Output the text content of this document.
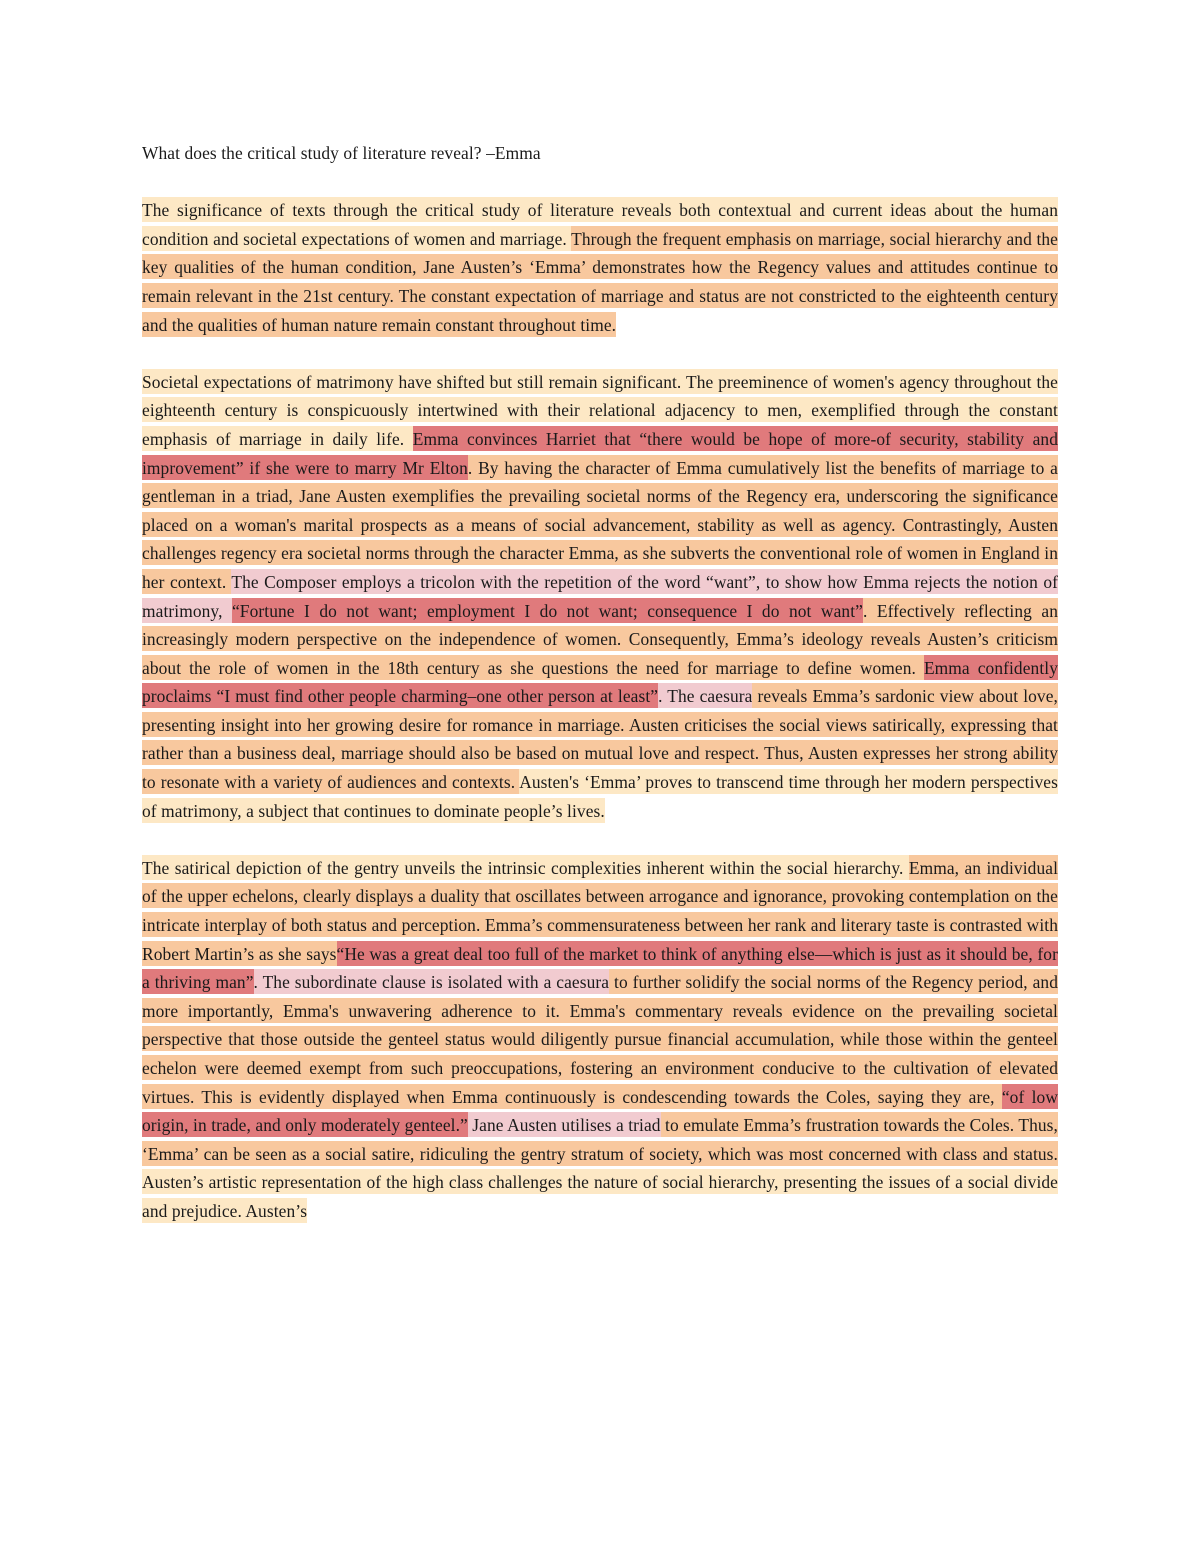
What does the critical study of literature reveal? –Emma

The significance of texts through the critical study of literature reveals both contextual and current ideas about the human condition and societal expectations of women and marriage. Through the frequent emphasis on marriage, social hierarchy and the key qualities of the human condition, Jane Austen’s ‘Emma’ demonstrates how the Regency values and attitudes continue to remain relevant in the 21st century. The constant expectation of marriage and status are not constricted to the eighteenth century and the qualities of human nature remain constant throughout time.

Societal expectations of matrimony have shifted but still remain significant. The preeminence of women's agency throughout the eighteenth century is conspicuously intertwined with their relational adjacency to men, exemplified through the constant emphasis of marriage in daily life. Emma convinces Harriet that “there would be hope of more-of security, stability and improvement” if she were to marry Mr Elton. By having the character of Emma cumulatively list the benefits of marriage to a gentleman in a triad, Jane Austen exemplifies the prevailing societal norms of the Regency era, underscoring the significance placed on a woman's marital prospects as a means of social advancement, stability as well as agency. Contrastingly, Austen challenges regency era societal norms through the character Emma, as she subverts the conventional role of women in England in her context. The Composer employs a tricolon with the repetition of the word “want”, to show how Emma rejects the notion of matrimony, “Fortune I do not want; employment I do not want; consequence I do not want”. Effectively reflecting an increasingly modern perspective on the independence of women. Consequently, Emma’s ideology reveals Austen’s criticism about the role of women in the 18th century as she questions the need for marriage to define women. Emma confidently proclaims “I must find other people charming–one other person at least”. The caesura reveals Emma’s sardonic view about love, presenting insight into her growing desire for romance in marriage. Austen criticises the social views satirically, expressing that rather than a business deal, marriage should also be based on mutual love and respect. Thus, Austen expresses her strong ability to resonate with a variety of audiences and contexts. Austen's ‘Emma’ proves to transcend time through her modern perspectives of matrimony, a subject that continues to dominate people’s lives.

The satirical depiction of the gentry unveils the intrinsic complexities inherent within the social hierarchy. Emma, an individual of the upper echelons, clearly displays a duality that oscillates between arrogance and ignorance, provoking contemplation on the intricate interplay of both status and perception. Emma’s commensurateness between her rank and literary taste is contrasted with Robert Martin’s as she says“He was a great deal too full of the market to think of anything else—which is just as it should be, for a thriving man”. The subordinate clause is isolated with a caesura to further solidify the social norms of the Regency period, and more importantly, Emma's unwavering adherence to it. Emma's commentary reveals evidence on the prevailing societal perspective that those outside the genteel status would diligently pursue financial accumulation, while those within the genteel echelon were deemed exempt from such preoccupations, fostering an environment conducive to the cultivation of elevated virtues. This is evidently displayed when Emma continuously is condescending towards the Coles, saying they are, “of low origin, in trade, and only moderately genteel.” Jane Austen utilises a triad to emulate Emma’s frustration towards the Coles. Thus, ‘Emma’ can be seen as a social satire, ridiculing the gentry stratum of society, which was most concerned with class and status. Austen’s artistic representation of the high class challenges the nature of social hierarchy, presenting the issues of a social divide and prejudice. Austen’s
